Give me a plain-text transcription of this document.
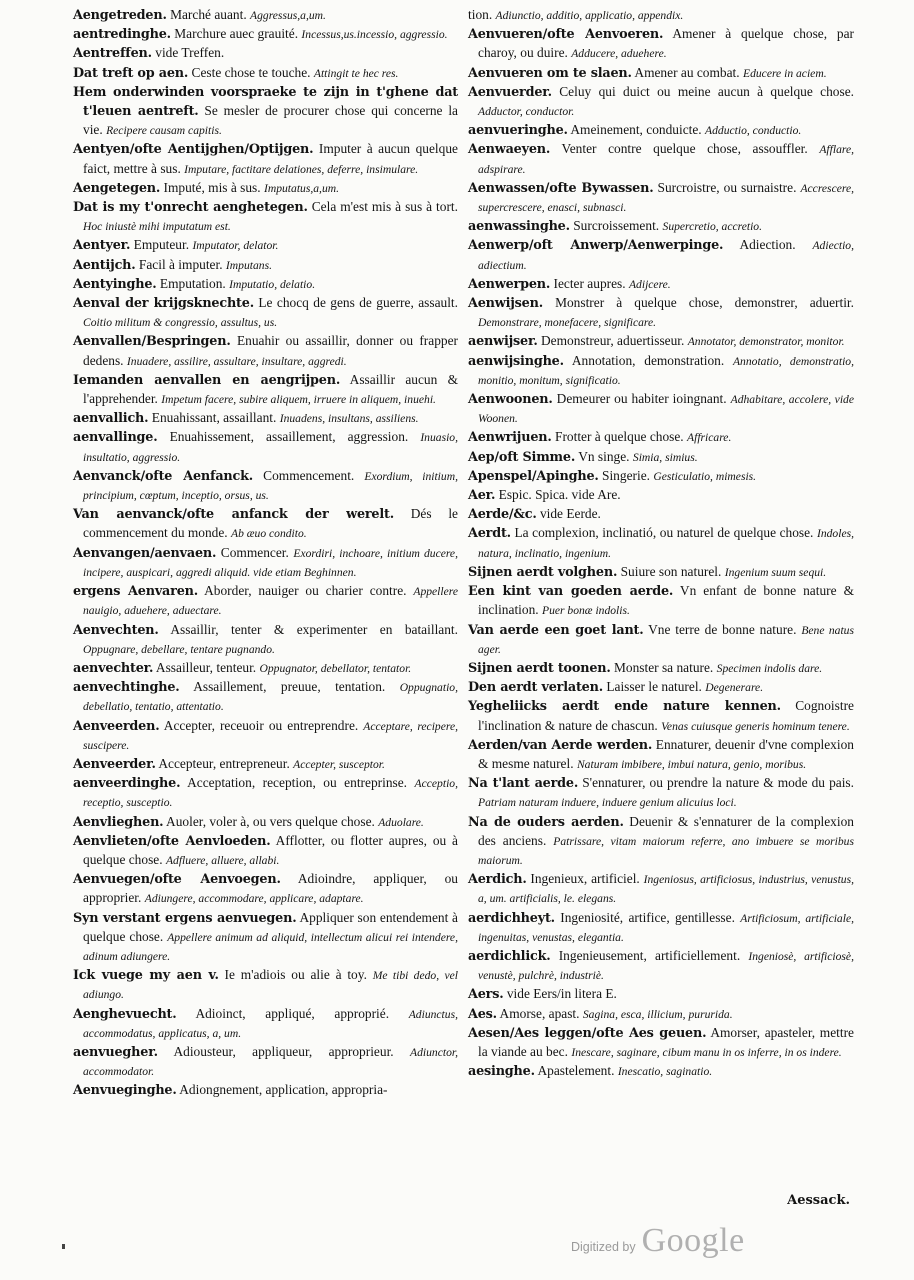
Aengetreden. Marché auant. Aggressus,a,um.
aentredinghe. Marchure auec grauité. Incessus,us.incessio, aggressio.
Aentreffen. vide Treffen.
Dat treft op aen. Ceste chose te touche. Attingit te hec res.
Hem onderwinden voorspraeke te zijn in t'ghene dat t'leuen aentreft. Se mesler de procurer chose qui concerne la vie. Recipere causam capitis.
Aentyen/ofte Aentijghen/Optijgen. Imputer à aucun quelque faict, mettre à sus. Imputare, factitare delationes, deferre, insimulare.
Aengetegen. Imputé, mis à sus. Imputatus,a,um.
Dat is my t'onrecht aenghetegen. Cela m'est mis à sus à tort. Hoc iniustè mihi imputatum est.
Aentyer. Emputeur. Imputator, delator.
Aentijch. Facil à imputer. Imputans.
Aentyinghe. Emputation. Imputatio, delatio.
Aenval der krijgsknechte. Le chocq de gens de guerre, assault. Coitio militum & congressio, assultus, us.
Aenvallen/Bespringen. Enuahir ou assaillir, donner ou frapper dedens. Inuadere, assilire, assultare, insultare, aggredi.
Iemanden aenvallen en aengrijpen. Assaillir aucun & l'apprehender. Impetum facere, subire aliquem, irruere in aliquem, inuehi.
aenvallich. Enuahissant, assaillant. Inuadens, insultans, assiliens.
aenvallinge. Enuahissement, assaillement, aggression. Inuasio, insultatio, aggressio.
Aenvanck/ofte Aenfanck. Commencement. Exordium, initium, principium, cœptum, inceptio, orsus, us.
Van aenvanck/ofte anfanck der werelt. Dés le commencement du monde. Ab æuo condito.
Aenvangen/aenvaen. Commencer. Exordiri, inchoare, initium ducere, incipere, auspicari, aggredi aliquid. vide etiam Beghinnen.
ergens Aenvaren. Aborder, nauiger ou charier contre. Appellere nauigio, aduehere, aduectare.
Aenvechten. Assaillir, tenter & experimenter en bataillant. Oppugnare, debellare, tentare pugnando.
aenvechter. Assailleur, tenteur. Oppugnator, debellator, tentator.
aenvechtinghe. Assaillement, preuue, tentation. Oppugnatio, debellatio, tentatio, attentatio.
Aenveerden. Accepter, receuoir ou entreprendre. Acceptare, recipere, suscipere.
Aenveerder. Accepteur, entrepreneur. Accepter, susceptor.
aenveerdinghe. Acceptation, reception, ou entreprinse. Acceptio, receptio, susceptio.
Aenvlieghen. Auoler, voler à, ou vers quelque chose. Aduolare.
Aenvlieten/ofte Aenvloeden. Afflotter, ou flotter aupres, ou à quelque chose. Adfluere, alluere, allabi.
Aenvuegen/ofte Aenvoegen. Adioindre, appliquer, ou approprier. Adiungere, accommodare, applicare, adaptare.
Syn verstant ergens aenvuegen. Appliquer son entendement à quelque chose. Appellere animum ad aliquid, intellectum alicui rei intendere, adinum adiungere.
Ick vuege my aen v. Ie m'adiois ou alie à toy. Me tibi dedo, vel adiungo.
Aenghevuecht. Adioinct, appliqué, approprié. Adiunctus, accommodatus, applicatus, a, um.
aenvuegher. Adiousteur, appliqueur, approprieur. Adiunctor, accommodator.
Aenvueginghe. Adiongnement, application, appropria-
tion. Adiunctio, additio, applicatio, appendix.
Aenvueren/ofte Aenvoeren. Amener à quelque chose, par charoy, ou duire. Adducere, aduehere.
Aenvueren om te slaen. Amener au combat. Educere in aciem.
Aenvuerder. Celuy qui duict ou meine aucun à quelque chose. Adductor, conductor.
aenvueringhe. Ameinement, conduicte. Adductio, conductio.
Aenwaeyen. Venter contre quelque chose, assouffler. Afflare, adspirare.
Aenwassen/ofte Bywassen. Surcroistre, ou surnaistre. Accrescere, supercrescere, enasci, subnasci.
aenwassinghe. Surcroissement. Supercretio, accretio.
Aenwerp/oft Anwerp/Aenwerpinge. Adiection. Adiectio, adiectium.
Aenwerpen. Iecter aupres. Adijcere.
Aenwijsen. Monstrer à quelque chose, demonstrer, aduertir. Demonstrare, monefacere, significare.
aenwijser. Demonstreur, aduertisseur. Annotator, demonstrator, monitor.
aenwijsinghe. Annotation, demonstration. Annotatio, demonstratio, monitio, monitum, significatio.
Aenwoonen. Demeurer ou habiter ioingnant. Adhabitare, accolere, vide Woonen.
Aenwrijuen. Frotter à quelque chose. Affricare.
Aep/oft Simme. Vn singe. Simia, simius.
Apenspel/Apinghe. Singerie. Gesticulatio, mimesis.
Aer. Espic. Spica. vide Are.
Aerde/&c. vide Eerde.
Aerdt. La complexion, inclinatió, ou naturel de quelque chose. Indoles, natura, inclinatio, ingenium.
Sijnen aerdt volghen. Suiure son naturel. Ingenium suum sequi.
Een kint van goeden aerde. Vn enfant de bonne nature & inclination. Puer bonæ indolis.
Van aerde een goet lant. Vne terre de bonne nature. Bene natus ager.
Sijnen aerdt toonen. Monster sa nature. Specimen indolis dare.
Den aerdt verlaten. Laisser le naturel. Degenerare.
Yegheliicks aerdt ende nature kennen. Cognoistre l'inclination & nature de chascun. Venas cuiusque generis hominum tenere.
Aerden/van Aerde werden. Ennaturer, deuenir d'vne complexion & mesme naturel. Naturam imbibere, imbui natura, genio, moribus.
Na t'lant aerde. S'ennaturer, ou prendre la nature & mode du pais. Patriam naturam induere, induere genium alicuius loci.
Na de ouders aerden. Deuenir & s'ennaturer de la complexion des anciens. Patrissare, vitam maiorum referre, ano imbuere se moribus maiorum.
Aerdich. Ingenieux, artificiel. Ingeniosus, artificiosus, industrius, venustus, a, um. artificialis, le. elegans.
aerdichheyt. Ingeniosité, artifice, gentillesse. Artificiosum, artificiale, ingenuitas, venustas, elegantia.
aerdichlick. Ingenieusement, artificiellement. Ingeniosè, artificiosè, venustè, pulchrè, industriè.
Aers. vide Eers/in litera E.
Aes. Amorse, apast. Sagina, esca, illicium, pururida.
Aesen/Aes leggen/ofte Aes geuen. Amorser, apasteler, mettre la viande au bec. Inescare, saginare, cibum manu in os inferre, in os indere.
aesinghe. Apastelement. Inescatio, saginatio.
Aessack.
Digitized by Google
